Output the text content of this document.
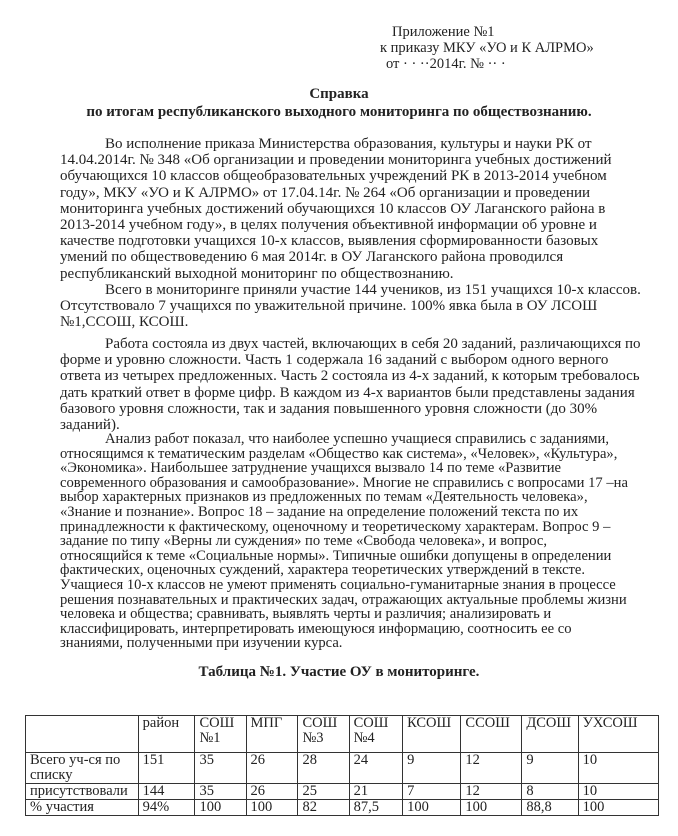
Приложение №1
к приказу МКУ «УО и К АЛРМО»
от · · ··2014г. № ·· ·
Справка
по итогам республиканского выходного мониторинга по обществознанию.
Во исполнение приказа Министерства образования, культуры и науки РК от
14.04.2014г. № 348 «Об организации и проведении мониторинга учебных достижений
обучающихся 10 классов общеобразовательных учреждений РК в 2013-2014 учебном
году», МКУ «УО и К АЛРМО» от 17.04.14г. № 264 «Об организации и проведении
мониторинга учебных достижений обучающихся 10 классов ОУ Лаганского района в
2013-2014 учебном году», в целях получения объективной информации об уровне и
качестве подготовки учащихся 10-х классов, выявления сформированности базовых
умений по обществоведению 6 мая 2014г. в ОУ Лаганского района проводился
республиканский выходной мониторинг по обществознанию.
Всего в мониторинге приняли участие 144 учеников, из 151 учащихся 10-х классов.
Отсутствовало 7 учащихся по уважительной причине. 100% явка была в ОУ ЛСОШ
№1,ССОШ, КСОШ.
Работа состояла из двух частей, включающих в себя 20 заданий, различающихся по
форме и уровню сложности. Часть 1 содержала 16 заданий с выбором одного верного
ответа из четырех предложенных. Часть 2 состояла из 4-х заданий, к которым требовалось
дать краткий ответ в форме цифр. В каждом из 4-х вариантов были представлены задания
базового уровня сложности, так и задания повышенного уровня сложности (до 30%
заданий).
Анализ работ показал, что наиболее успешно учащиеся справились с заданиями,
относящимся к тематическим разделам «Общество как система», «Человек», «Культура»,
«Экономика». Наибольшее затруднение учащихся вызвало 14 по теме «Развитие
современного образования и самообразование». Многие не справились с вопросами 17 –на
выбор характерных признаков из предложенных по темам «Деятельность человека»,
«Знание и познание». Вопрос 18 – задание на определение положений текста по их
принадлежности к фактическому, оценочному и теоретическому характерам. Вопрос 9 –
задание по типу «Верны ли суждения» по теме «Свобода человека», и вопрос,
относящийся к теме «Социальные нормы». Типичные ошибки допущены в определении
фактических, оценочных суждений, характера теоретических утверждений в тексте.
Учащиеся 10-х классов не умеют применять социально-гуманитарные знания в процессе
решения познавательных и практических задач, отражающих актуальные проблемы жизни
человека и общества; сравнивать, выявлять черты и различия; анализировать и
классифицировать, интерпретировать имеющуюся информацию, соотносить ее со
знаниями, полученными при изучении курса.
Таблица №1. Участие ОУ в мониторинге.
	район	СОШ №1	МПГ	СОШ №3	СОШ №4	КСОШ	ССОШ	ДСОШ	УХСОШ
Всего уч-ся по списку	151	35	26	28	24	9	12	9	10
присутствовали	144	35	26	25	21	7	12	8	10
% участия	94%	100	100	82	87,5	100	100	88,8	100
